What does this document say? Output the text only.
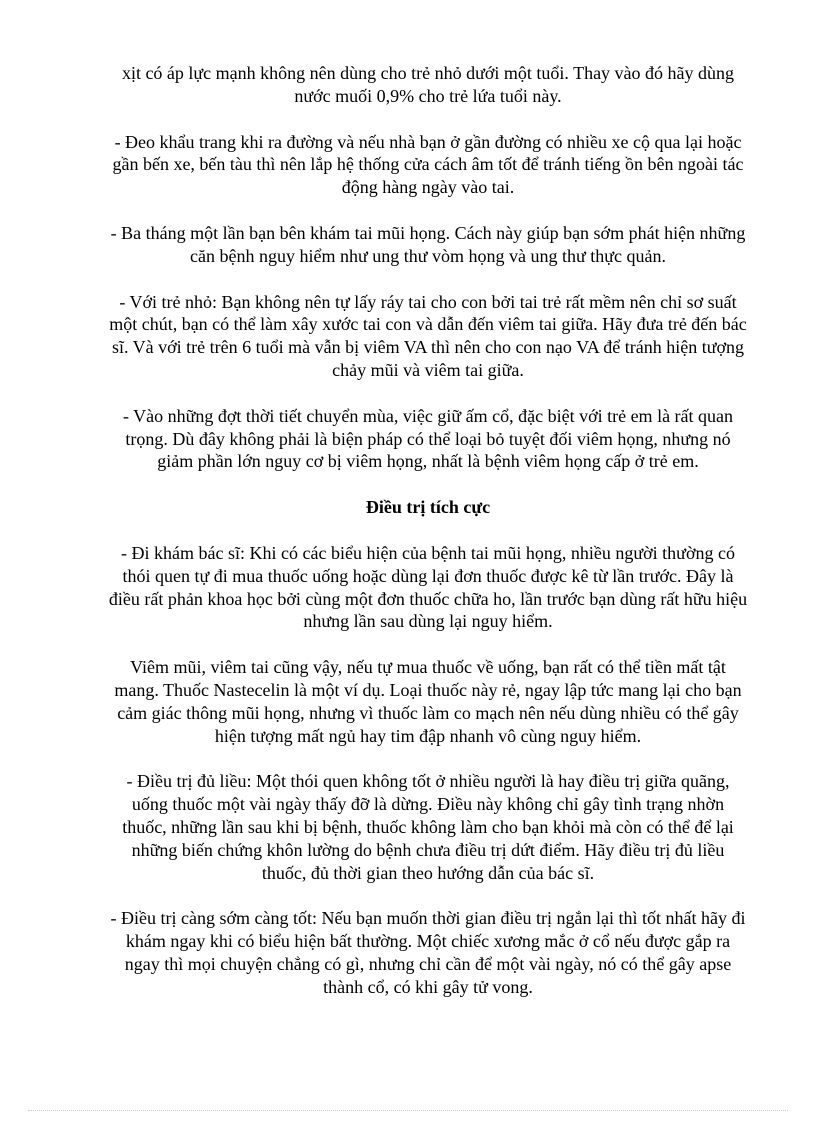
xịt có áp lực mạnh không nên dùng cho trẻ nhỏ dưới một tuổi. Thay vào đó hãy dùng
nước muối 0,9% cho trẻ lứa tuổi này.

- Đeo khẩu trang khi ra đường và nếu nhà bạn ở gần đường có nhiều xe cộ qua lại hoặc
gần bến xe, bến tàu thì nên lắp hệ thống cửa cách âm tốt để tránh tiếng ồn bên ngoài tác
động hàng ngày vào tai.

- Ba tháng một lần bạn bên khám tai mũi họng. Cách này giúp bạn sớm phát hiện những
căn bệnh nguy hiểm như ung thư vòm họng và ung thư thực quản.

- Với trẻ nhỏ: Bạn không nên tự lấy ráy tai cho con bởi tai trẻ rất mềm nên chỉ sơ suất
một chút, bạn có thể làm xây xước tai con và dẫn đến viêm tai giữa. Hãy đưa trẻ đến bác
sĩ. Và với trẻ trên 6 tuổi mà vẫn bị viêm VA thì nên cho con nạo VA để tránh hiện tượng
chảy mũi và viêm tai giữa.

- Vào những đợt thời tiết chuyển mùa, việc giữ ấm cổ, đặc biệt với trẻ em là rất quan
trọng. Dù đây không phải là biện pháp có thể loại bỏ tuyệt đối viêm họng, nhưng nó
giảm phần lớn nguy cơ bị viêm họng, nhất là bệnh viêm họng cấp ở trẻ em.

Điều trị tích cực

- Đi khám bác sĩ: Khi có các biểu hiện của bệnh tai mũi họng, nhiều người thường có
thói quen tự đi mua thuốc uống hoặc dùng lại đơn thuốc được kê từ lần trước. Đây là
điều rất phản khoa học bởi cùng một đơn thuốc chữa ho, lần trước bạn dùng rất hữu hiệu
nhưng lần sau dùng lại nguy hiểm.

Viêm mũi, viêm tai cũng vậy, nếu tự mua thuốc về uống, bạn rất có thể tiền mất tật
mang. Thuốc Nastecelin là một ví dụ. Loại thuốc này rẻ, ngay lập tức mang lại cho bạn
cảm giác thông mũi họng, nhưng vì thuốc làm co mạch nên nếu dùng nhiều có thể gây
hiện tượng mất ngủ hay tim đập nhanh vô cùng nguy hiểm.

- Điều trị đủ liều: Một thói quen không tốt ở nhiều người là hay điều trị giữa quãng,
uống thuốc một vài ngày thấy đỡ là dừng. Điều này không chỉ gây tình trạng nhờn
thuốc, những lần sau khi bị bệnh, thuốc không làm cho bạn khỏi mà còn có thể để lại
những biến chứng khôn lường do bệnh chưa điều trị dứt điểm. Hãy điều trị đủ liều
thuốc, đủ thời gian theo hướng dẫn của bác sĩ.

- Điều trị càng sớm càng tốt: Nếu bạn muốn thời gian điều trị ngắn lại thì tốt nhất hãy đi
khám ngay khi có biểu hiện bất thường. Một chiếc xương mắc ở cổ nếu được gắp ra
ngay thì mọi chuyện chẳng có gì, nhưng chỉ cần để một vài ngày, nó có thể gây apse
thành cổ, có khi gây tử vong.
